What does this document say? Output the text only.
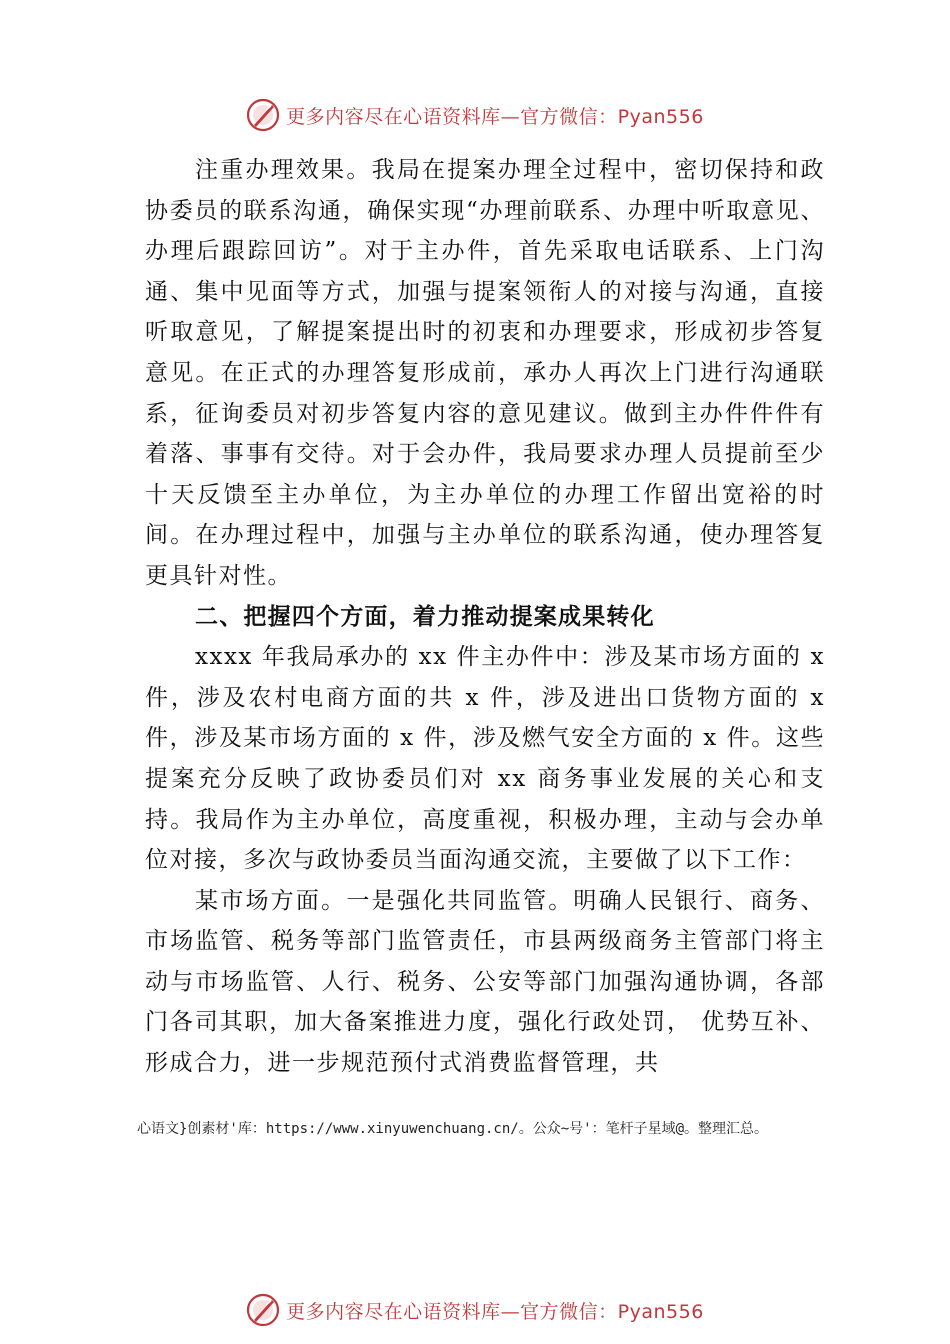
更多内容尽在心语资料库—官方微信：Pyan556

注重办理效果。我局在提案办理全过程中，密切保持和政协委员的联系沟通，确保实现“办理前联系、办理中听取意见、办理后跟踪回访”。对于主办件，首先采取电话联系、上门沟通、集中见面等方式，加强与提案领衔人的对接与沟通，直接听取意见，了解提案提出时的初衷和办理要求，形成初步答复意见。在正式的办理答复形成前，承办人再次上门进行沟通联系，征询委员对初步答复内容的意见建议。做到主办件件件有着落、事事有交待。对于会办件，我局要求办理人员提前至少十天反馈至主办单位，为主办单位的办理工作留出宽裕的时间。在办理过程中，加强与主办单位的联系沟通，使办理答复更具针对性。

二、把握四个方面，着力推动提案成果转化

xxxx 年我局承办的 xx 件主办件中：涉及某市场方面的 x 件，涉及农村电商方面的共 x 件，涉及进出口货物方面的 x 件，涉及某市场方面的 x 件，涉及燃气安全方面的 x 件。这些提案充分反映了政协委员们对 xx 商务事业发展的关心和支持。我局作为主办单位，高度重视，积极办理，主动与会办单位对接，多次与政协委员当面沟通交流，主要做了以下工作：

某市场方面。一是强化共同监管。明确人民银行、商务、市场监管、税务等部门监管责任，市县两级商务主管部门将主动与市场监管、人行、税务、公安等部门加强沟通协调，各部门各司其职，加大备案推进力度，强化行政处罚， 优势互补、形成合力，进一步规范预付式消费监督管理，共

心语文}创素材'库：https://www.xinyuwenchuang.cn/。公众~号'：笔杆子星域@。整理汇总。
更多内容尽在心语资料库—官方微信：Pyan556
